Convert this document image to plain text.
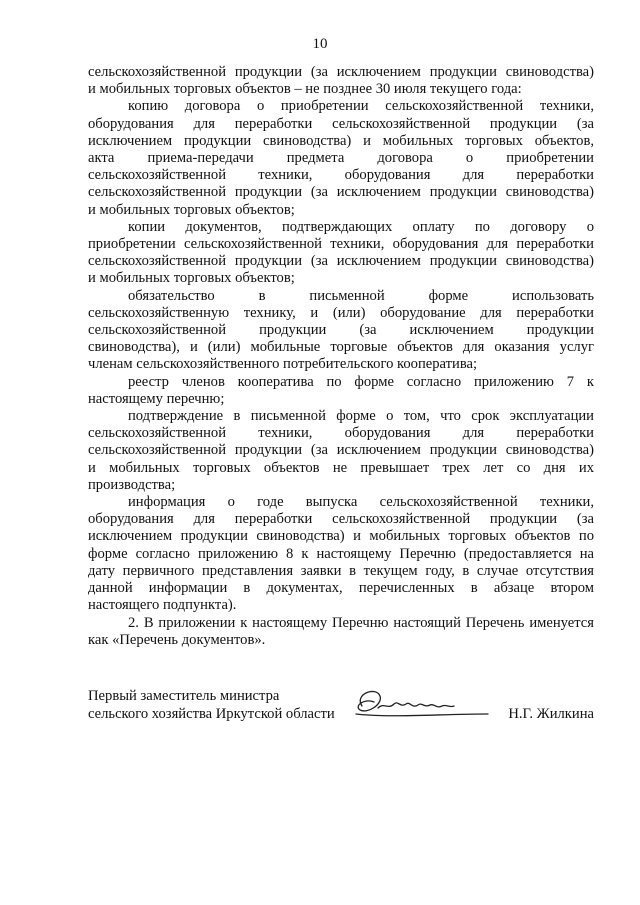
10

сельскохозяйственной продукции (за исключением продукции свиноводства)

и мобильных торговых объектов – не позднее 30 июля текущего года:

копию договора о приобретении сельскохозяйственной техники,

оборудования для переработки сельскохозяйственной продукции (за

исключением продукции свиноводства) и мобильных торговых объектов,

акта приема-передачи предмета договора о приобретении

сельскохозяйственной техники, оборудования для переработки

сельскохозяйственной продукции (за исключением продукции свиноводства)

и мобильных торговых объектов;

копии документов, подтверждающих оплату по договору о

приобретении сельскохозяйственной техники, оборудования для переработки

сельскохозяйственной продукции (за исключением продукции свиноводства)

и мобильных торговых объектов;

обязательство в письменной форме использовать

сельскохозяйственную технику, и (или) оборудование для переработки

сельскохозяйственной продукции (за исключением продукции

свиноводства), и (или) мобильные торговые объектов для оказания услуг

членам сельскохозяйственного потребительского кооператива;

реестр членов кооператива по форме согласно приложению 7 к

настоящему перечню;

подтверждение в письменной форме о том, что срок эксплуатации

сельскохозяйственной техники, оборудования для переработки

сельскохозяйственной продукции (за исключением продукции свиноводства)

и мобильных торговых объектов не превышает трех лет со дня их

производства;

информация о годе выпуска сельскохозяйственной техники,

оборудования для переработки сельскохозяйственной продукции (за

исключением продукции свиноводства) и мобильных торговых объектов по

форме согласно приложению 8 к настоящему Перечню (предоставляется на

дату первичного представления заявки в текущем году, в случае отсутствия

данной информации в документах, перечисленных в абзаце втором

настоящего подпункта).

2. В приложении к настоящему Перечню настоящий Перечень именуется

как «Перечень документов».

Первый заместитель министра
сельского хозяйства Иркутской области	Н.Г. Жилкина
